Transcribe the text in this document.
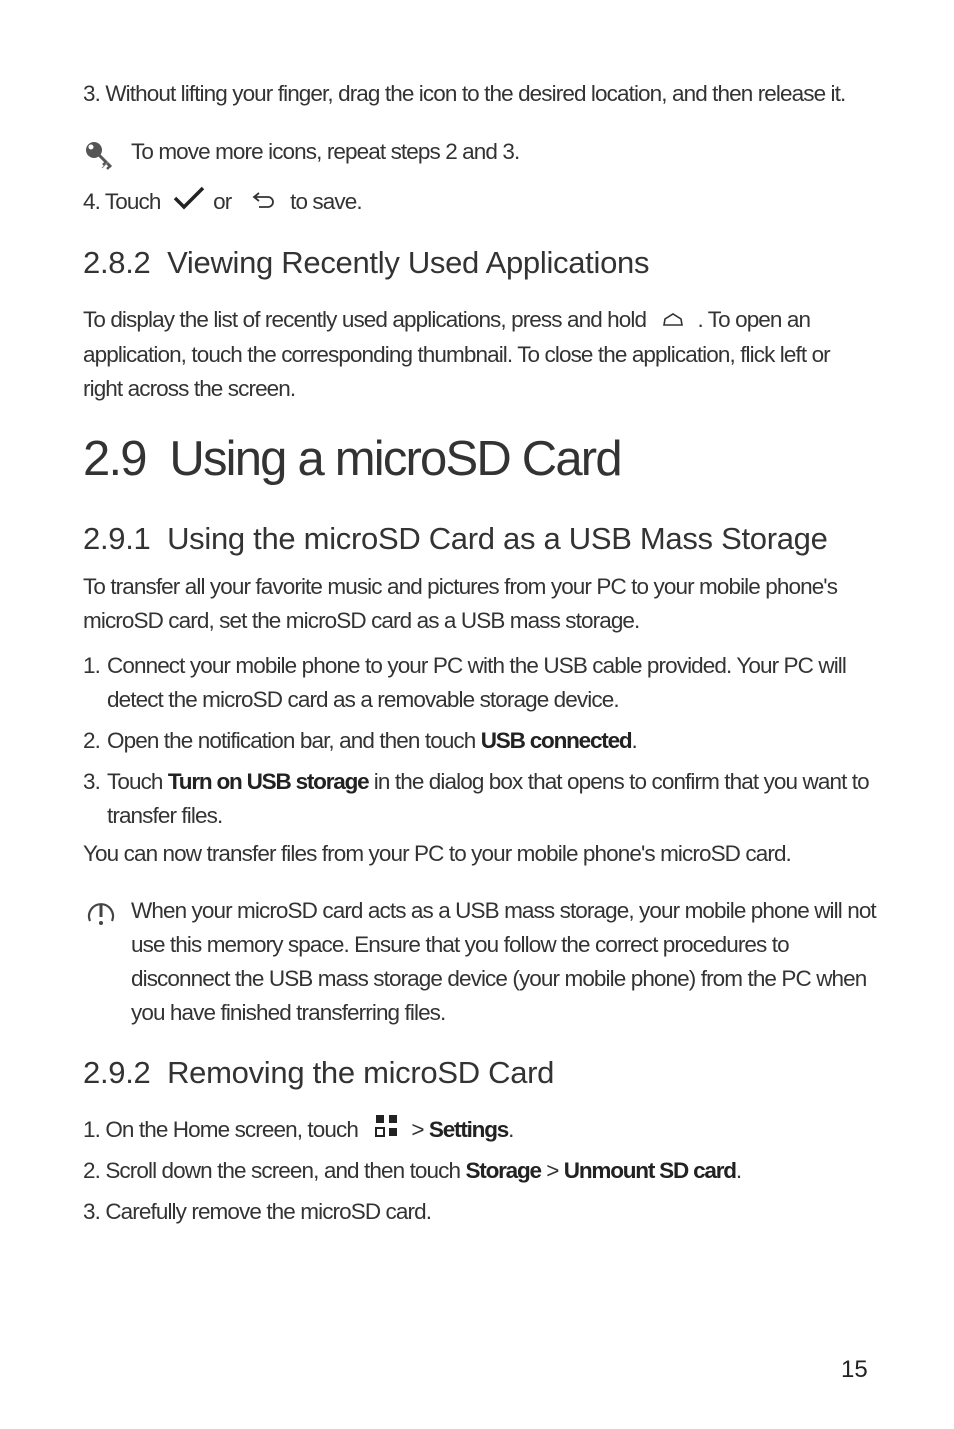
3. Without lifting your finger, drag the icon to the desired location, and then release it.

To move more icons, repeat steps 2 and 3.

4. Touch or	to save.

2.8.2 Viewing Recently Used Applications

To display the list of recently used applications, press and hold . To open an application, touch the corresponding thumbnail. To close the application, flick left or right across the screen.

2.9 Using a microSD Card
2.9.1 Using the microSD Card as a USB Mass Storage

To transfer all your favorite music and pictures from your PC to your mobile phone's microSD card, set the microSD card as a USB mass storage.

1. Connect your mobile phone to your PC with the USB cable provided. Your PC will detect the microSD card as a removable storage device.

2. Open the notification bar, and then touch USB connected.

3. Touch Turn on USB storage in the dialog box that opens to confirm that you want to transfer files.

You can now transfer files from your PC to your mobile phone's microSD card.

When your microSD card acts as a USB mass storage, your mobile phone will not use this memory space. Ensure that you follow the correct procedures to disconnect the USB mass storage device (your mobile phone) from the PC when you have finished transferring files.

2.9.2 Removing the microSD Card

1. On the Home screen, touch > Settings.

2. Scroll down the screen, and then touch Storage > Unmount SD card.

3. Carefully remove the microSD card.

15
